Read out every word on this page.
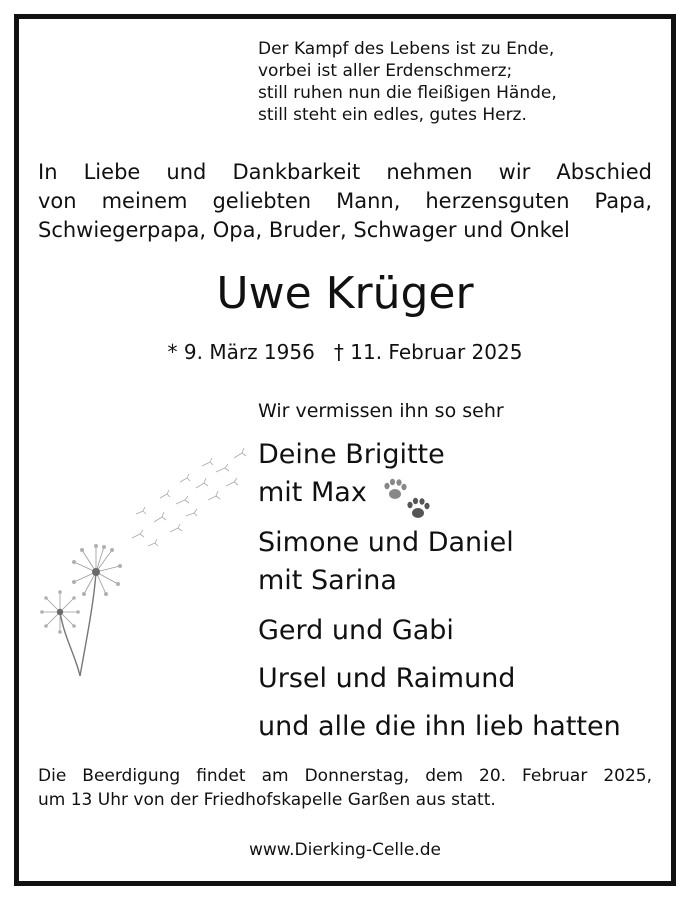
Der Kampf des Lebens ist zu Ende,
vorbei ist aller Erdenschmerz;
still ruhen nun die fleißigen Hände,
still steht ein edles, gutes Herz.
In Liebe und Dankbarkeit nehmen wir Abschied
von meinem geliebten Mann, herzensguten Papa,
Schwiegerpapa, Opa, Bruder, Schwager und Onkel
Uwe Krüger
* 9. März 1956   † 11. Februar 2025
Wir vermissen ihn so sehr
Deine Brigitte
mit Max
Simone und Daniel
mit Sarina
Gerd und Gabi
Ursel und Raimund
und alle die ihn lieb hatten
Die Beerdigung findet am Donnerstag, dem 20. Februar 2025,
um 13 Uhr von der Friedhofskapelle Garßen aus statt.
www.Dierking-Celle.de
